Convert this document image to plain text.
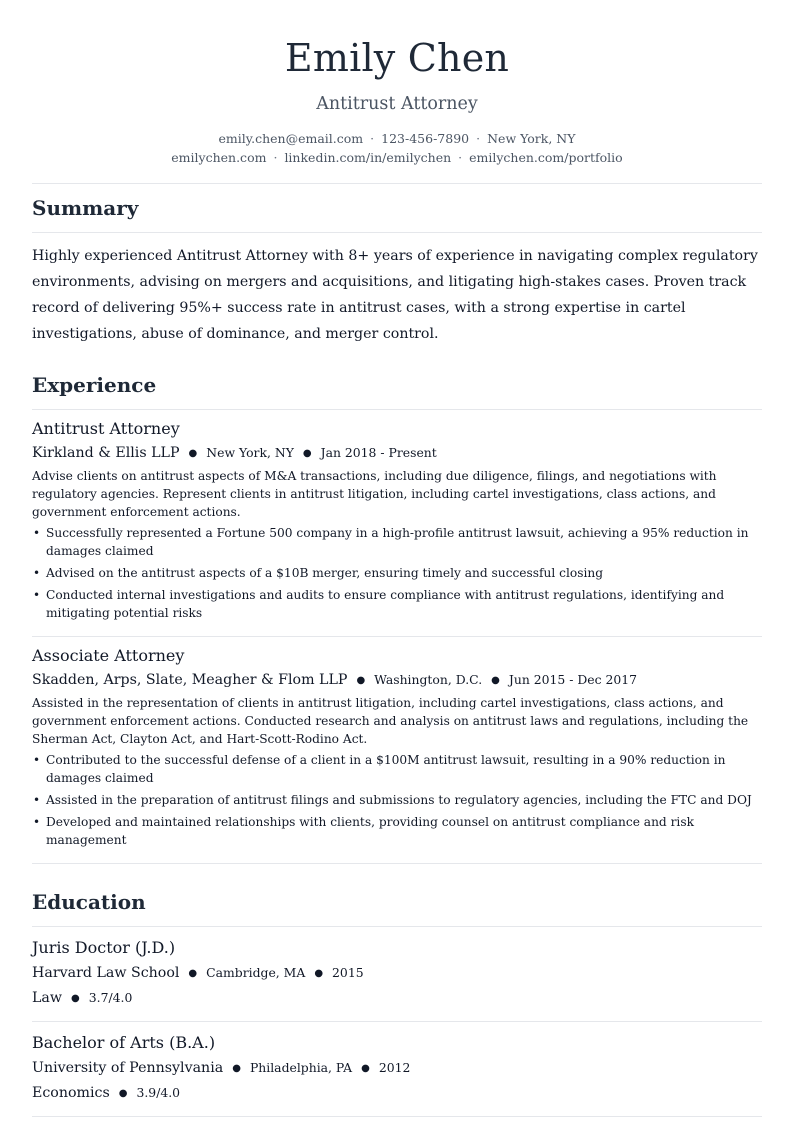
Emily Chen
Antitrust Attorney
emily.chen@email.com · 123-456-7890 · New York, NY
emilychen.com · linkedin.com/in/emilychen · emilychen.com/portfolio
Summary

Highly experienced Antitrust Attorney with 8+ years of experience in navigating complex regulatory environments, advising on mergers and acquisitions, and litigating high-stakes cases. Proven track record of delivering 95%+ success rate in antitrust cases, with a strong expertise in cartel investigations, abuse of dominance, and merger control.

Experience
Antitrust Attorney
Kirkland & Ellis LLP ● New York, NY ● Jan 2018 - Present
Advise clients on antitrust aspects of M&A transactions, including due diligence, filings, and negotiations with regulatory agencies. Represent clients in antitrust litigation, including cartel investigations, class actions, and government enforcement actions.
• Successfully represented a Fortune 500 company in a high-profile antitrust lawsuit, achieving a 95% reduction in damages claimed
• Advised on the antitrust aspects of a $10B merger, ensuring timely and successful closing
• Conducted internal investigations and audits to ensure compliance with antitrust regulations, identifying and mitigating potential risks
Associate Attorney
Skadden, Arps, Slate, Meagher & Flom LLP ● Washington, D.C. ● Jun 2015 - Dec 2017
Assisted in the representation of clients in antitrust litigation, including cartel investigations, class actions, and government enforcement actions. Conducted research and analysis on antitrust laws and regulations, including the Sherman Act, Clayton Act, and Hart-Scott-Rodino Act.
• Contributed to the successful defense of a client in a $100M antitrust lawsuit, resulting in a 90% reduction in damages claimed
• Assisted in the preparation of antitrust filings and submissions to regulatory agencies, including the FTC and DOJ
• Developed and maintained relationships with clients, providing counsel on antitrust compliance and risk management
Education
Juris Doctor (J.D.)
Harvard Law School ● Cambridge, MA ● 2015
Law ● 3.7/4.0
Bachelor of Arts (B.A.)
University of Pennsylvania ● Philadelphia, PA ● 2012
Economics ● 3.9/4.0
